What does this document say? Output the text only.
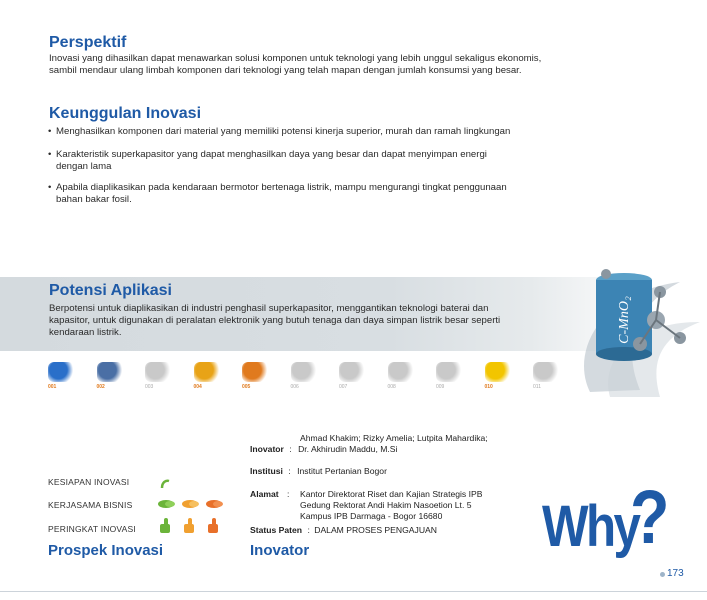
Perspektif

Inovasi yang dihasilkan dapat menawarkan solusi komponen untuk teknologi yang lebih unggul sekaligus ekonomis,

sambil mendaur ulang limbah komponen dari teknologi yang telah mapan dengan jumlah konsumsi yang besar.

Keunggulan Inovasi
• Menghasilkan komponen dari material yang memiliki potensi kinerja superior, murah dan ramah lingkungan
• Karakteristik superkapasitor yang dapat menghasilkan daya yang besar dan dapat menyimpan energi
dengan lama
• Apabila diaplikasikan pada kendaraan bermotor bertenaga listrik, mampu mengurangi tingkat penggunaan
bahan bakar fosil.
C-MnO₂
Potensi Aplikasi

Berpotensi untuk diaplikasikan di industri penghasil superkapasitor, menggantikan teknologi baterai dan

kapasitor, untuk digunakan di peralatan elektronik yang butuh tenaga dan daya simpan listrik besar seperti

kendaraan listrik.

001	002	003	004	005	006	007	008	009	010	011
KESIAPAN INOVASI
KERJASAMA BISNIS
PERINGKAT INOVASI
Prospek Inovasi
Ahmad Khakim; Rizky Amelia; Lutpita Mahardika;
Inovator : Dr. Akhirudin Maddu, M.Si
Institusi : Institut Pertanian Bogor
Alamat : Kantor Direktorat Riset dan Kajian Strategis IPB
Gedung Rektorat Andi Hakim Nasoetion Lt. 5
Kampus IPB Darmaga - Bogor 16680
Status Paten : DALAM PROSES PENGAJUAN
Inovator	Why
?
173
